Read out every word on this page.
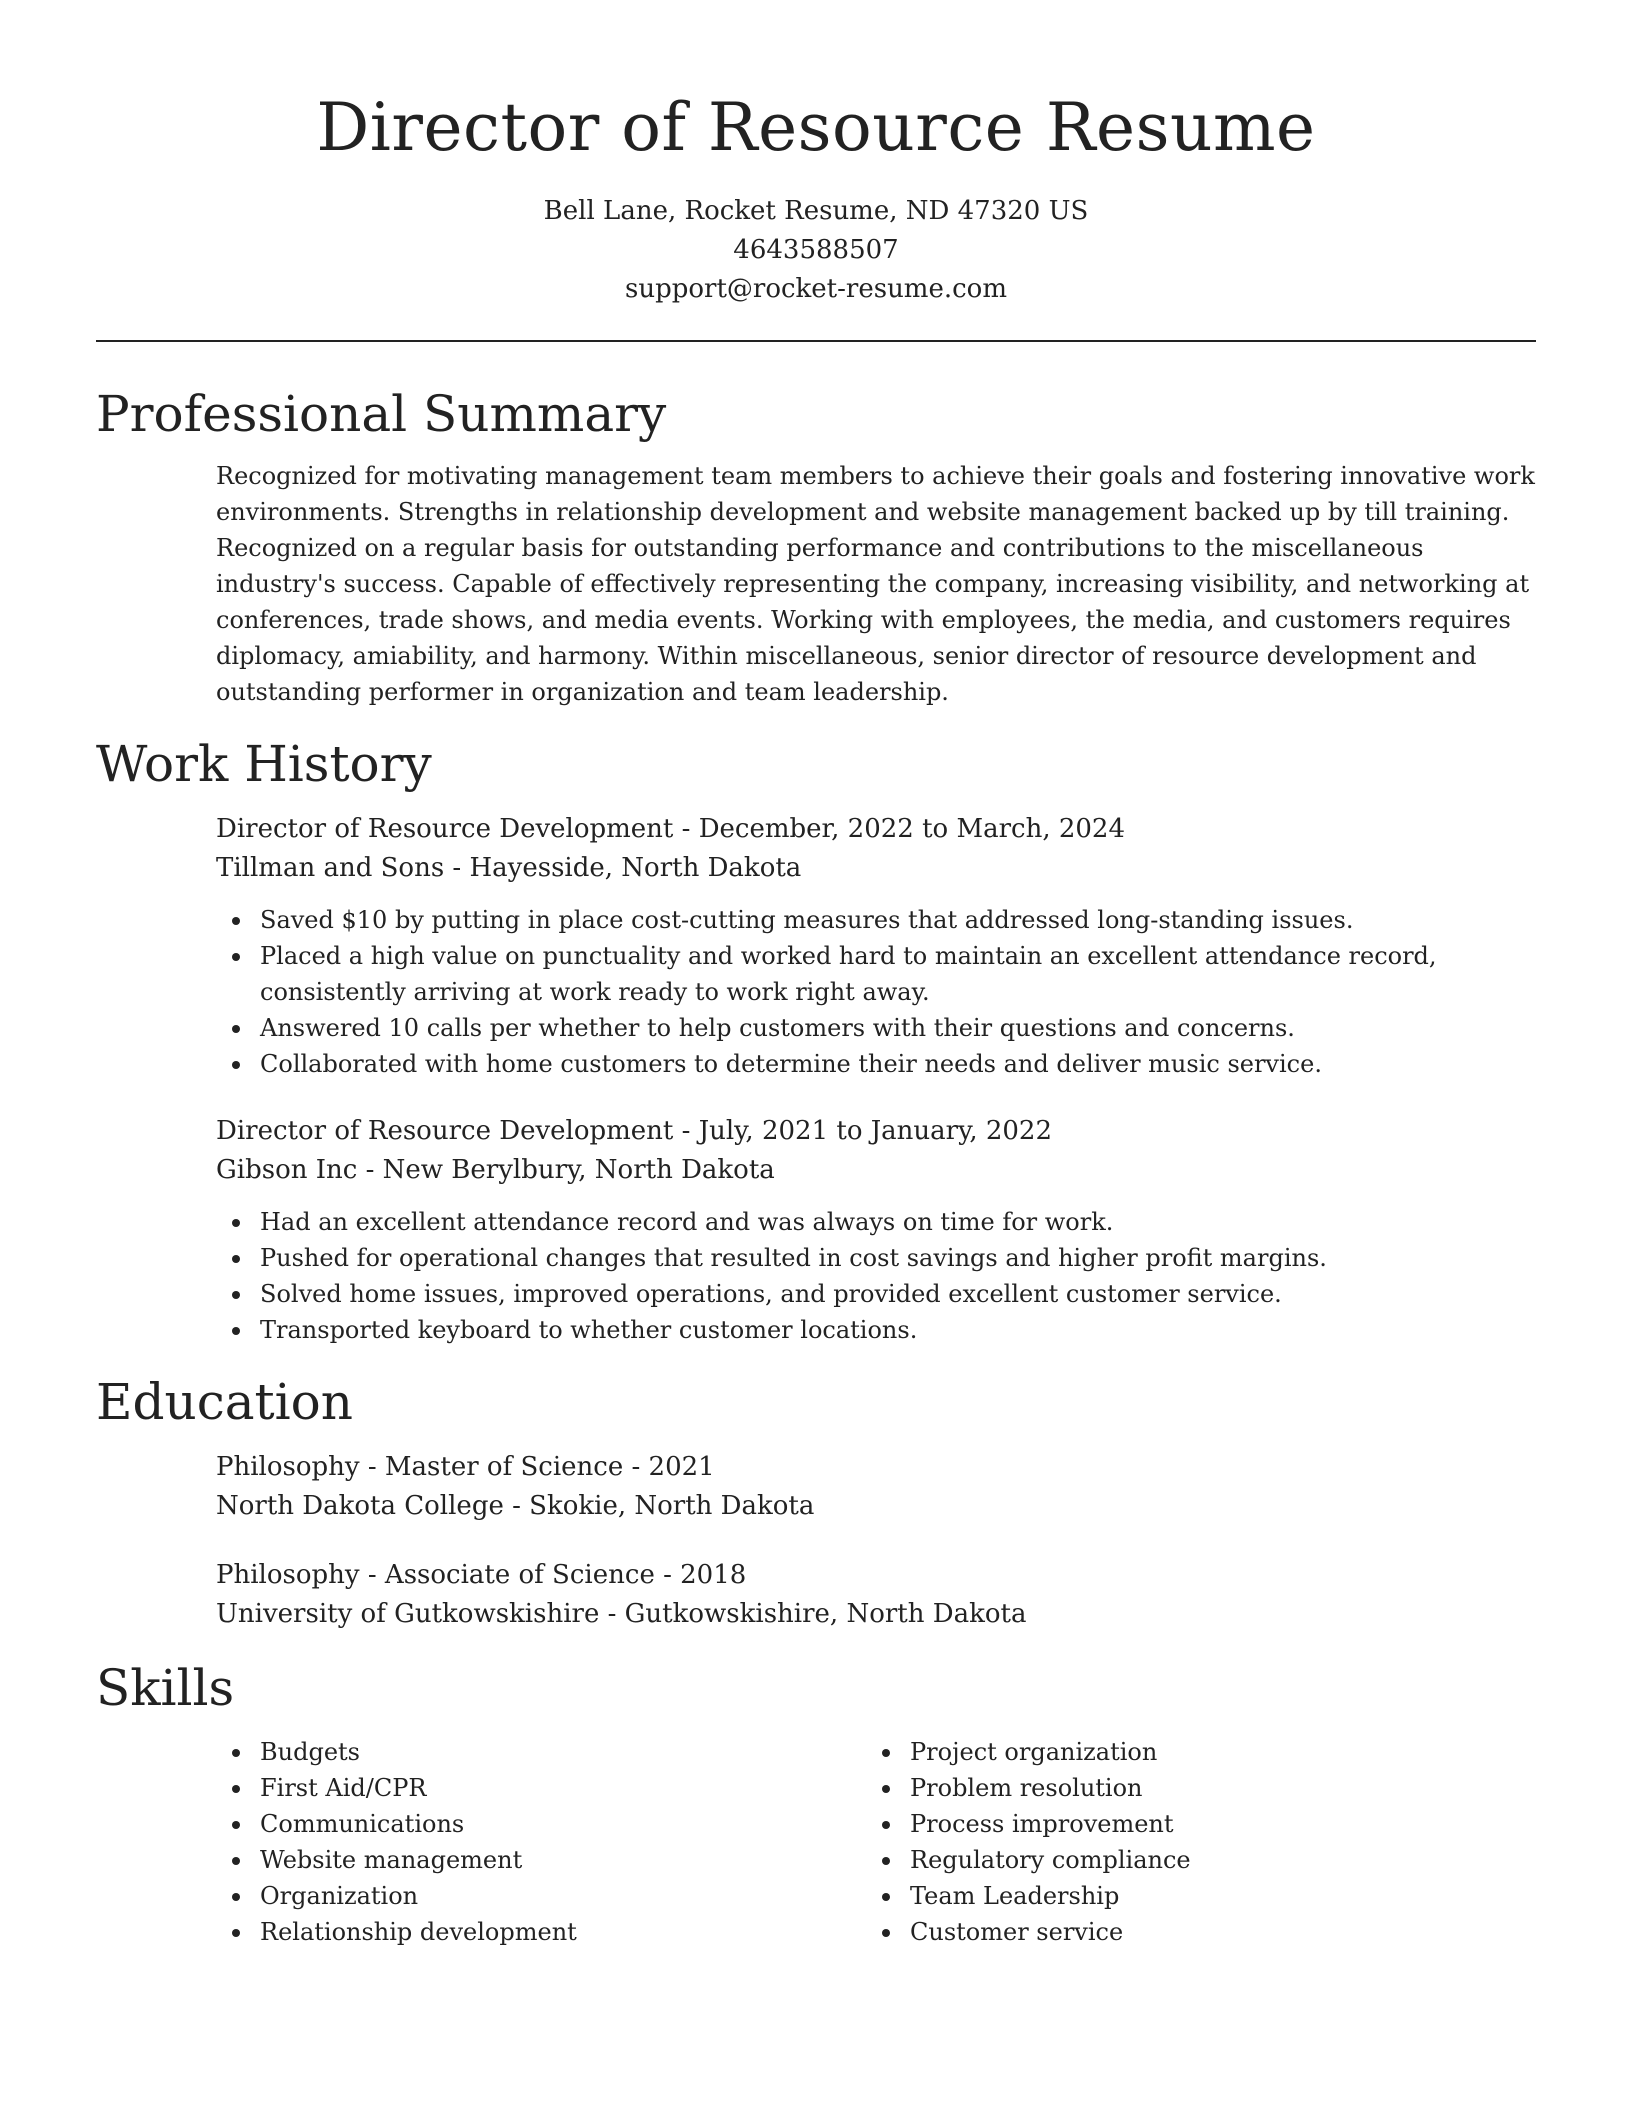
Director of Resource Resume
Bell Lane, Rocket Resume, ND 47320 US
4643588507
support@rocket-resume.com
Professional Summary

Recognized for motivating management team members to achieve their goals and fostering innovative work environments. Strengths in relationship development and website management backed up by till training. Recognized on a regular basis for outstanding performance and contributions to the miscellaneous industry's success. Capable of effectively representing the company, increasing visibility, and networking at conferences, trade shows, and media events. Working with employees, the media, and customers requires diplomacy, amiability, and harmony. Within miscellaneous, senior director of resource development and outstanding performer in organization and team leadership.

Work History
Director of Resource Development - December, 2022 to March, 2024
Tillman and Sons - Hayesside, North Dakota
Saved $10 by putting in place cost-cutting measures that addressed long-standing issues.
Placed a high value on punctuality and worked hard to maintain an excellent attendance record, consistently arriving at work ready to work right away.
Answered 10 calls per whether to help customers with their questions and concerns.
Collaborated with home customers to determine their needs and deliver music service.
Director of Resource Development - July, 2021 to January, 2022
Gibson Inc - New Berylbury, North Dakota
Had an excellent attendance record and was always on time for work.
Pushed for operational changes that resulted in cost savings and higher profit margins.
Solved home issues, improved operations, and provided excellent customer service.
Transported keyboard to whether customer locations.
Education
Philosophy - Master of Science - 2021
North Dakota College - Skokie, North Dakota
Philosophy - Associate of Science - 2018
University of Gutkowskishire - Gutkowskishire, North Dakota
Skills
Budgets
First Aid/CPR
Communications
Website management
Organization
Relationship development
Project organization
Problem resolution
Process improvement
Regulatory compliance
Team Leadership
Customer service
